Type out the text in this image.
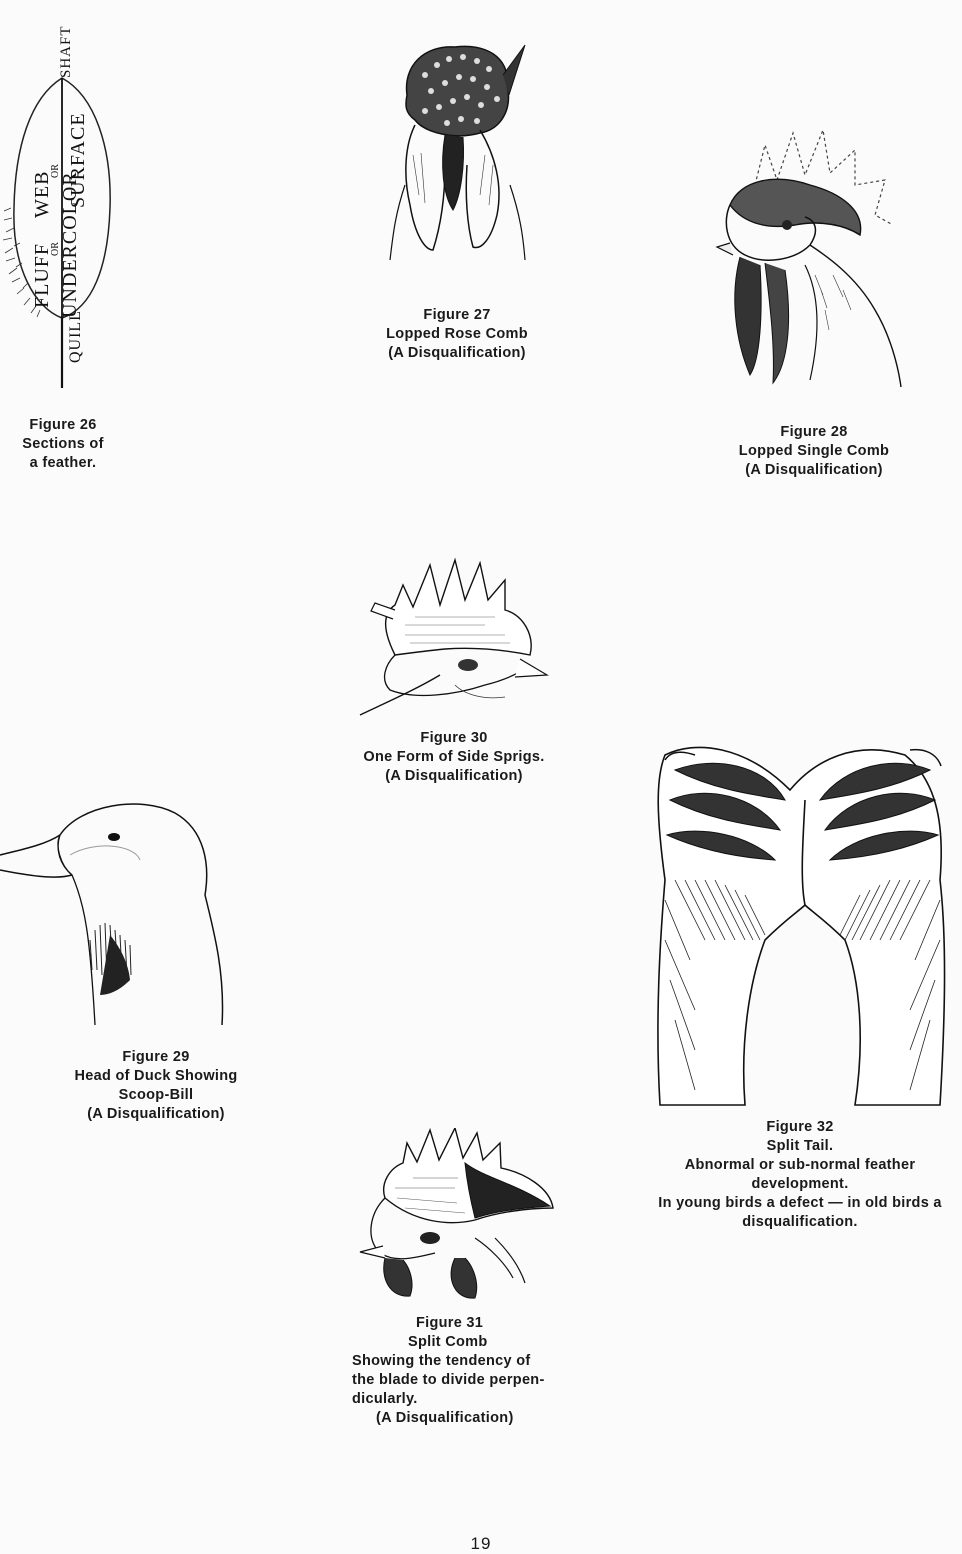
QUILL
FLUFF
OR
UNDERCOLOR
WEB
OR SURFACE
SHAFT
Figure 26
Sections of
a feather.
Figure 27
Lopped Rose Comb
(A Disqualification)
Figure 28
Lopped Single Comb
(A Disqualification)
Figure 30
One Form of Side Sprigs.
(A Disqualification)
Figure 29
Head of Duck Showing
Scoop-Bill
(A Disqualification)
Figure 32
Split Tail.
Abnormal or sub-normal feather
development.
In young birds a defect — in old birds a
disqualification.
Figure 31
Split Comb
Showing the tendency of
the blade to divide perpen-
dicularly.
(A Disqualification)
19
